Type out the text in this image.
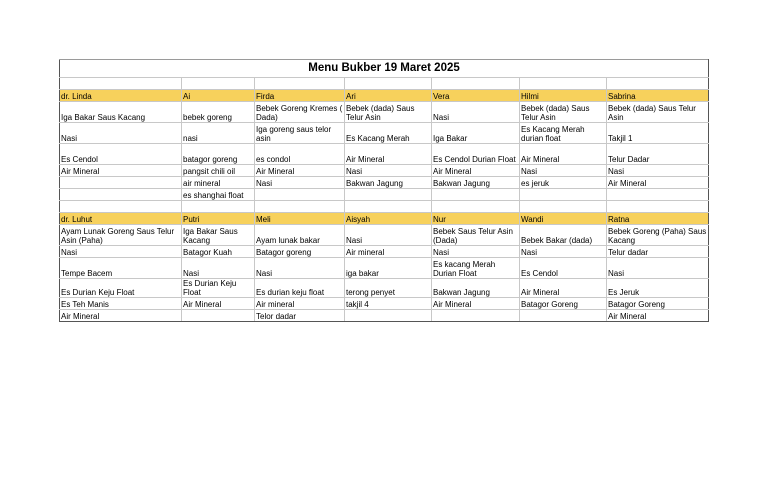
Menu Bukber 19 Maret 2025						

dr. Linda	Ai	Firda	Ari	Vera	Hilmi	Sabrina
Iga Bakar Saus Kacang	bebek goreng	Bebek Goreng Kremes ( Dada)	Bebek (dada) Saus Telur Asin	Nasi	Bebek (dada) Saus Telur Asin	Bebek (dada) Saus Telur Asin
Nasi	nasi	Iga goreng saus telor asin	Es Kacang Merah	Iga Bakar	Es Kacang Merah durian float	Takjil 1
Es Cendol	batagor goreng	es condol	Air Mineral	Es Cendol Durian Float	Air Mineral	Telur Dadar
Air Mineral	pangsit chili oil	Air Mineral	Nasi	Air Mineral	Nasi	Nasi
	air mineral	Nasi	Bakwan Jagung	Bakwan Jagung	es jeruk	Air Mineral
	es shanghai float					

dr. Luhut	Putri	Meli	Aisyah	Nur	Wandi	Ratna
Ayam Lunak Goreng Saus Telur Asin (Paha)	Iga Bakar Saus Kacang	Ayam lunak bakar	Nasi	Bebek Saus Telur Asin (Dada)	Bebek Bakar (dada)	Bebek Goreng (Paha) Saus Kacang
Nasi	Batagor Kuah	Batagor goreng	Air mineral	Nasi	Nasi	Telur dadar
Tempe Bacem	Nasi	Nasi	iga bakar	Es kacang Merah Durian Float	Es Cendol	Nasi
Es Durian Keju Float	Es Durian Keju Float	Es durian keju float	terong penyet	Bakwan Jagung	Air Mineral	Es Jeruk
Es Teh Manis	Air Mineral	Air mineral	takjil 4	Air Mineral	Batagor Goreng	Batagor Goreng
Air Mineral		Telor dadar				Air Mineral
